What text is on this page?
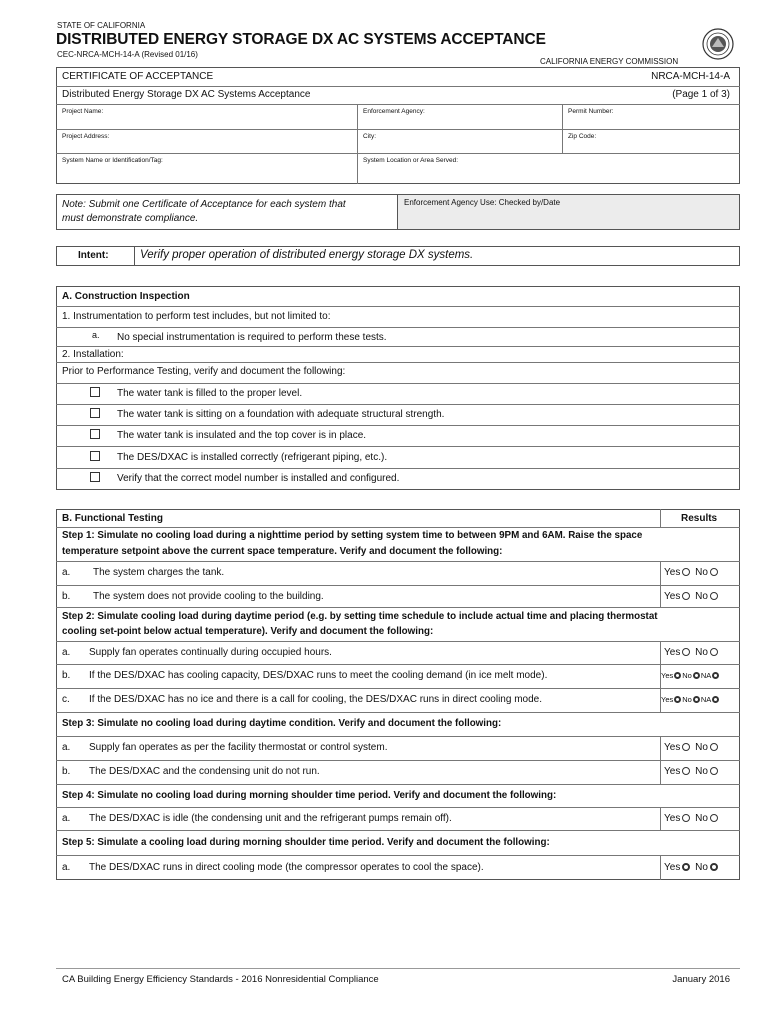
STATE OF CALIFORNIA
DISTRIBUTED ENERGY STORAGE DX AC SYSTEMS ACCEPTANCE
CEC-NRCA-MCH-14-A (Revised 01/16)
CALIFORNIA ENERGY COMMISSION
CERTIFICATE OF ACCEPTANCE	NRCA-MCH-14-A
Distributed Energy Storage DX AC Systems Acceptance	(Page 1 of 3)
Project Name:	Enforcement Agency:	Permit Number:
Project Address:	City:	Zip Code:
System Name or Identification/Tag:	System Location or Area Served:
Note: Submit one Certificate of Acceptance for each system that
must demonstrate compliance.
Enforcement Agency Use: Checked by/Date
Intent:	Verify proper operation of distributed energy storage DX systems.
A. Construction Inspection
1. Instrumentation to perform test includes, but not limited to:
a. No special instrumentation is required to perform these tests.
2. Installation:
Prior to Performance Testing, verify and document the following:
The water tank is filled to the proper level.
The water tank is sitting on a foundation with adequate structural strength.
The water tank is insulated and the top cover is in place.
The DES/DXAC is installed correctly (refrigerant piping, etc.).
Verify that the correct model number is installed and configured.
B. Functional Testing	Results
Step 1: Simulate no cooling load during a nighttime period by setting system time to between 9PM and 6AM. Raise the space
temperature setpoint above the current space temperature. Verify and document the following:
a. The system charges the tank.	Yes No
b. The system does not provide cooling to the building.	Yes No
Step 2: Simulate cooling load during daytime period (e.g. by setting time schedule to include actual time and placing thermostat
cooling set-point below actual temperature). Verify and document the following:
a. Supply fan operates continually during occupied hours.	Yes No
b. If the DES/DXAC has cooling capacity, DES/DXAC runs to meet the cooling demand (in ice melt mode).	Yes No NA
c. If the DES/DXAC has no ice and there is a call for cooling, the DES/DXAC runs in direct cooling mode.	Yes No NA
Step 3: Simulate no cooling load during daytime condition. Verify and document the following:
a. Supply fan operates as per the facility thermostat or control system.	Yes No
b. The DES/DXAC and the condensing unit do not run.	Yes No
Step 4: Simulate no cooling load during morning shoulder time period. Verify and document the following:
a. The DES/DXAC is idle (the condensing unit and the refrigerant pumps remain off).	Yes No
Step 5: Simulate a cooling load during morning shoulder time period. Verify and document the following:
a. The DES/DXAC runs in direct cooling mode (the compressor operates to cool the space).	Yes No
CA Building Energy Efficiency Standards - 2016 Nonresidential Compliance	January 2016
